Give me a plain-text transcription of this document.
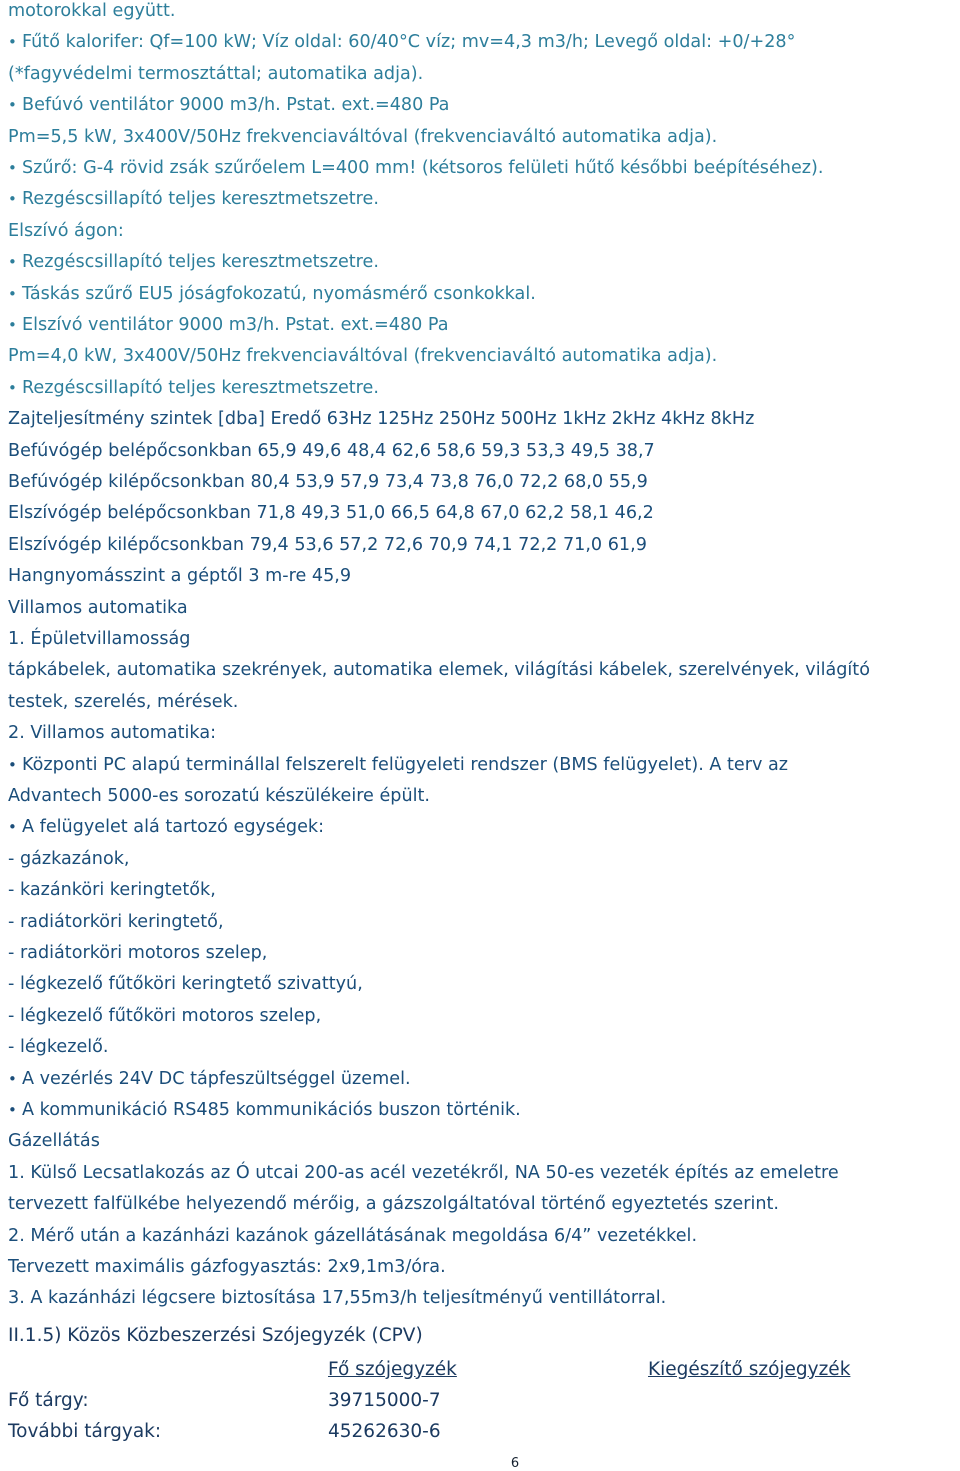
motorokkal együtt.
• Fűtő kalorifer: Qf=100 kW; Víz oldal: 60/40°C víz; mv=4,3 m3/h; Levegő oldal: +0/+28°
(*fagyvédelmi termosztáttal; automatika adja).
• Befúvó ventilátor 9000 m3/h. Pstat. ext.=480 Pa
Pm=5,5 kW, 3x400V/50Hz frekvenciaváltóval (frekvenciaváltó automatika adja).
• Szűrő: G-4 rövid zsák szűrőelem L=400 mm! (kétsoros felületi hűtő későbbi beépítéséhez).
• Rezgéscsillapító teljes keresztmetszetre.
Elszívó ágon:
• Rezgéscsillapító teljes keresztmetszetre.
• Táskás szűrő EU5 jóságfokozatú, nyomásmérő csonkokkal.
• Elszívó ventilátor 9000 m3/h. Pstat. ext.=480 Pa
Pm=4,0 kW, 3x400V/50Hz frekvenciaváltóval (frekvenciaváltó automatika adja).
• Rezgéscsillapító teljes keresztmetszetre.
Zajteljesítmény szintek [dba] Eredő 63Hz 125Hz 250Hz 500Hz 1kHz 2kHz 4kHz 8kHz
Befúvógép belépőcsonkban 65,9 49,6 48,4 62,6 58,6 59,3 53,3 49,5 38,7
Befúvógép kilépőcsonkban 80,4 53,9 57,9 73,4 73,8 76,0 72,2 68,0 55,9
Elszívógép belépőcsonkban 71,8 49,3 51,0 66,5 64,8 67,0 62,2 58,1 46,2
Elszívógép kilépőcsonkban 79,4 53,6 57,2 72,6 70,9 74,1 72,2 71,0 61,9
Hangnyomásszint a géptől 3 m-re 45,9
Villamos automatika
1. Épületvillamosság
tápkábelek, automatika szekrények, automatika elemek, világítási kábelek, szerelvények, világító
testek, szerelés, mérések.
2. Villamos automatika:
• Központi PC alapú terminállal felszerelt felügyeleti rendszer (BMS felügyelet). A terv az
Advantech 5000-es sorozatú készülékeire épült.
• A felügyelet alá tartozó egységek:
- gázkazánok,
- kazánköri keringtetők,
- radiátorköri keringtető,
- radiátorköri motoros szelep,
- légkezelő fűtőköri keringtető szivattyú,
- légkezelő fűtőköri motoros szelep,
- légkezelő.
• A vezérlés 24V DC tápfeszültséggel üzemel.
• A kommunikáció RS485 kommunikációs buszon történik.
Gázellátás
1. Külső Lecsatlakozás az Ó utcai 200-as acél vezetékről, NA 50-es vezeték építés az emeletre
tervezett falfülkébe helyezendő mérőig, a gázszolgáltatóval történő egyeztetés szerint.
2. Mérő után a kazánházi kazánok gázellátásának megoldása 6/4” vezetékkel.
Tervezett maximális gázfogyasztás: 2x9,1m3/óra.
3. A kazánházi légcsere biztosítása 17,55m3/h teljesítményű ventillátorral.
II.1.5) Közös Közbeszerzési Szójegyzék (CPV)
Fő szójegyzék	Kiegészítő szójegyzék
Fő tárgy:	39715000-7
További tárgyak:	45262630-6
6
